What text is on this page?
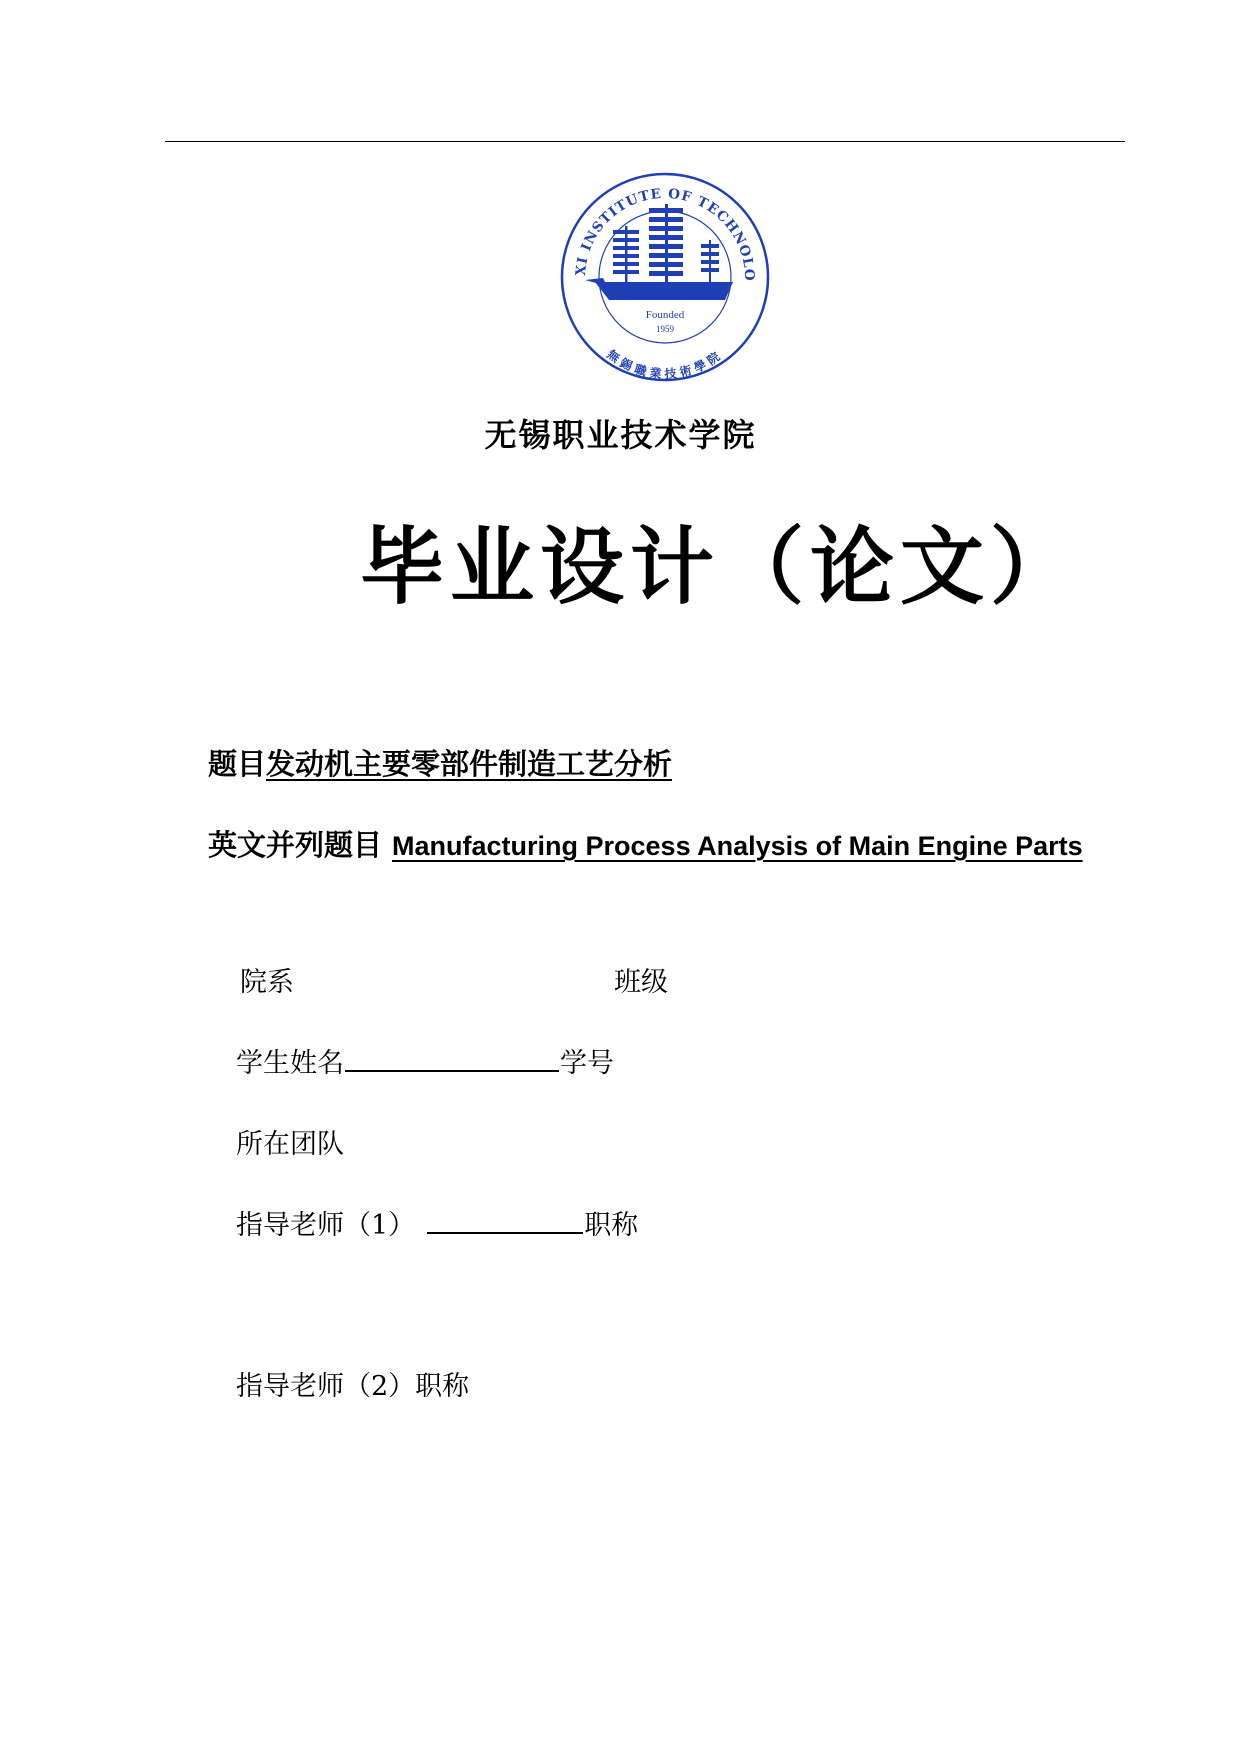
XI INSTITUTE OF TECHNOLO
無錫職業技術學院
Founded
1959
无锡职业技术学院
毕业设计（论文）
题目发动机主要零部件制造工艺分析
英文并列题目 Manufacturing Process Analysis of Main Engine Parts
院系	班级
学生姓名	学号
所在团队
指导老师（1）	职称
指导老师（2）职称
